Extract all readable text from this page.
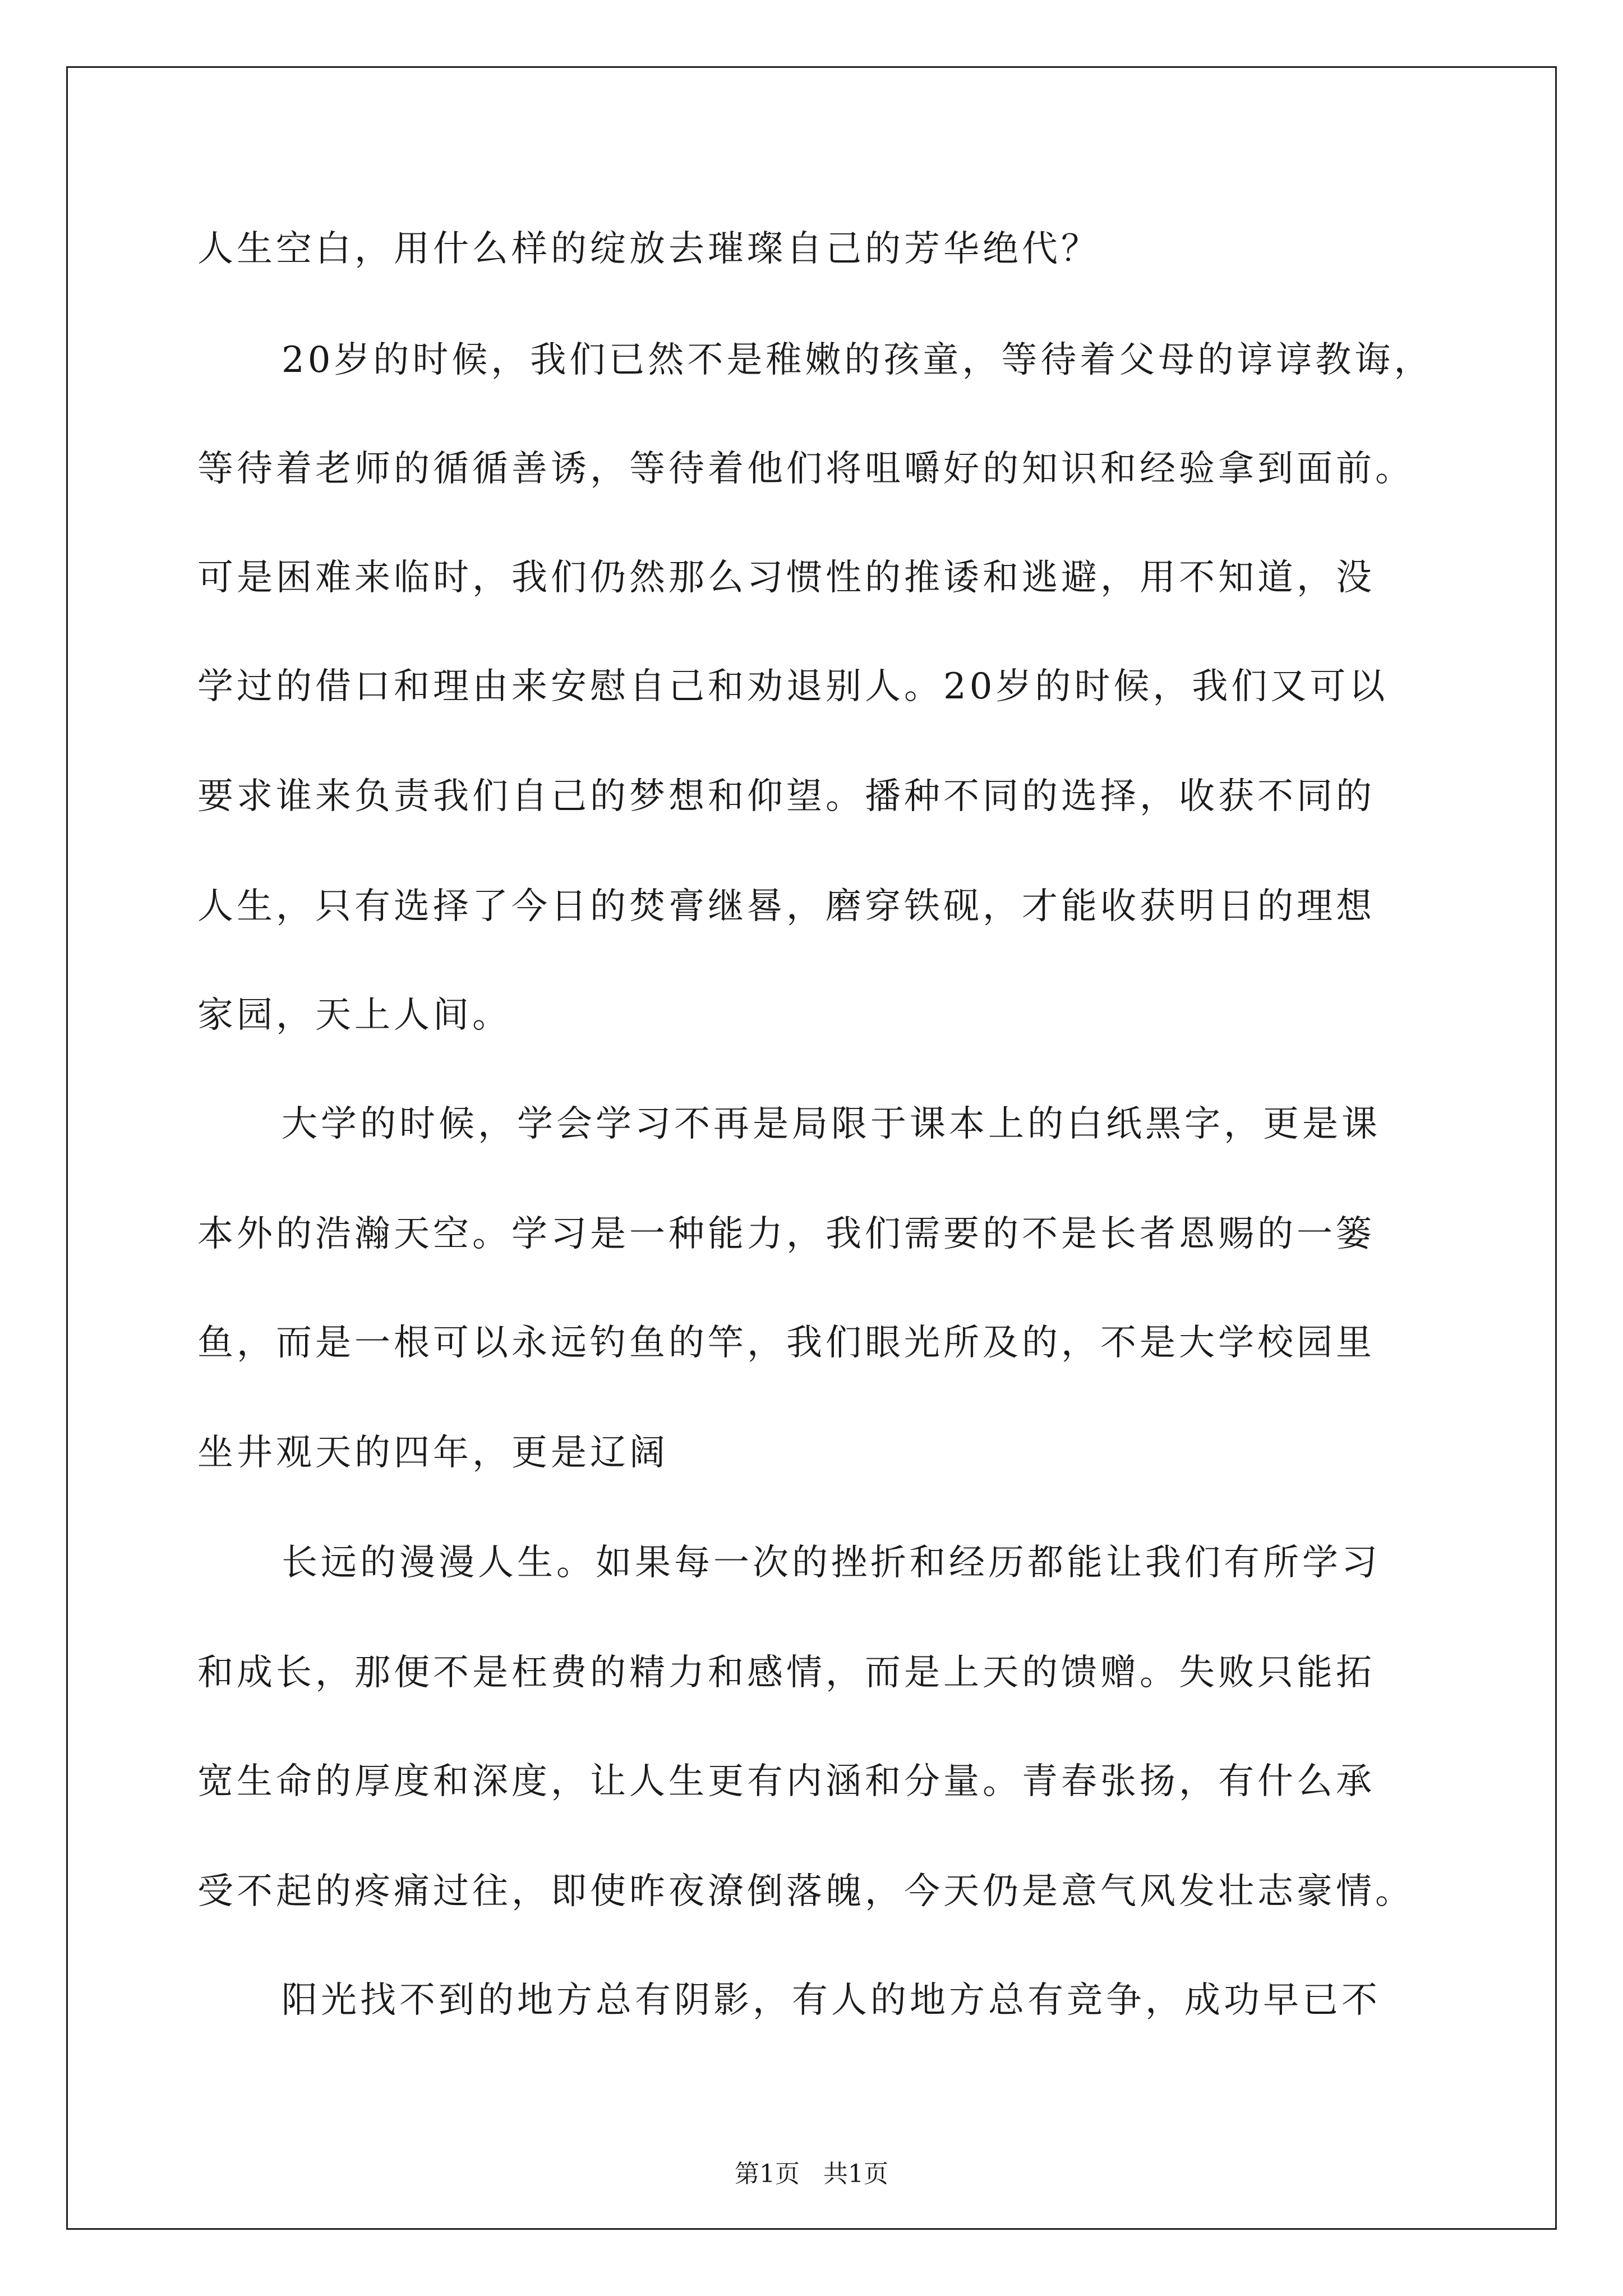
人生空白，用什么样的绽放去璀璨自己的芳华绝代？
20岁的时候，我们已然不是稚嫩的孩童，等待着父母的谆谆教诲，
等待着老师的循循善诱，等待着他们将咀嚼好的知识和经验拿到面前。
可是困难来临时，我们仍然那么习惯性的推诿和逃避，用不知道，没
学过的借口和理由来安慰自己和劝退别人。20岁的时候，我们又可以
要求谁来负责我们自己的梦想和仰望。播种不同的选择，收获不同的
人生，只有选择了今日的焚膏继晷，磨穿铁砚，才能收获明日的理想
家园，天上人间。
大学的时候，学会学习不再是局限于课本上的白纸黑字，更是课
本外的浩瀚天空。学习是一种能力，我们需要的不是长者恩赐的一篓
鱼，而是一根可以永远钓鱼的竿，我们眼光所及的，不是大学校园里
坐井观天的四年，更是辽阔
长远的漫漫人生。如果每一次的挫折和经历都能让我们有所学习
和成长，那便不是枉费的精力和感情，而是上天的馈赠。失败只能拓
宽生命的厚度和深度，让人生更有内涵和分量。青春张扬，有什么承
受不起的疼痛过往，即使昨夜潦倒落魄，今天仍是意气风发壮志豪情。
阳光找不到的地方总有阴影，有人的地方总有竞争，成功早已不
第1页   共1页
